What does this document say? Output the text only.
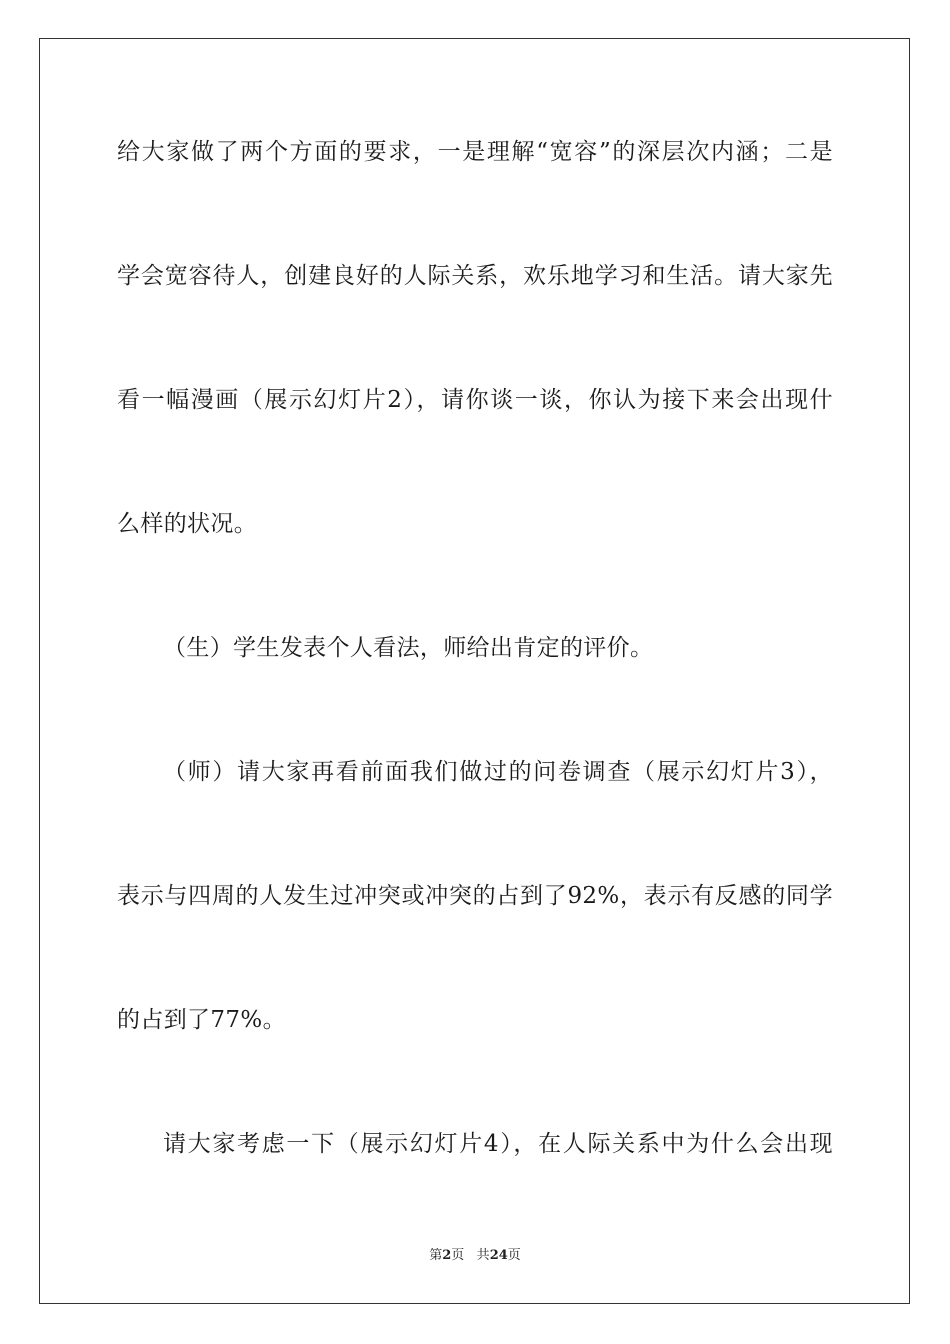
给大家做了两个方面的要求，一是理解“宽容”的深层次内涵；二是
学会宽容待人，创建良好的人际关系，欢乐地学习和生活。请大家先
看一幅漫画（展示幻灯片2），请你谈一谈，你认为接下来会出现什
么样的状况。
（生）学生发表个人看法，师给出肯定的评价。
（师）请大家再看前面我们做过的问卷调查（展示幻灯片3），
表示与四周的人发生过冲突或冲突的占到了92%，表示有反感的同学
的占到了77%。
请大家考虑一下（展示幻灯片4），在人际关系中为什么会出现
第2页 共24页
